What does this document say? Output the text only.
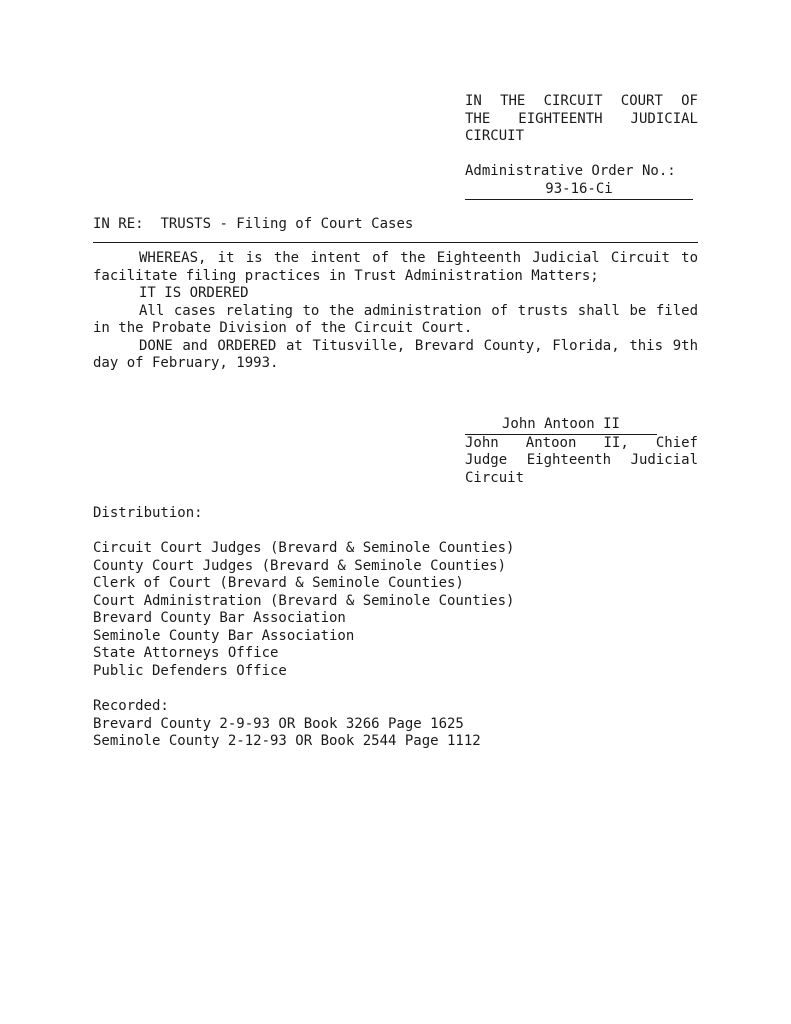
IN THE CIRCUIT COURT OF
THE EIGHTEENTH JUDICIAL
CIRCUIT
Administrative Order No.:
93-16-Ci
IN RE: TRUSTS - Filing of Court Cases
WHEREAS, it is the intent of the Eighteenth Judicial Circuit to facilitate filing practices in Trust Administration Matters;
IT IS ORDERED
All cases relating to the administration of trusts shall be filed in the Probate Division of the Circuit Court.
DONE and ORDERED at Titusville, Brevard County, Florida, this 9th day of February, 1993.
John Antoon II
John Antoon II, Chief
Judge Eighteenth Judicial
Circuit
Distribution:
Circuit Court Judges (Brevard & Seminole Counties)
County Court Judges (Brevard & Seminole Counties)
Clerk of Court (Brevard & Seminole Counties)
Court Administration (Brevard & Seminole Counties)
Brevard County Bar Association
Seminole County Bar Association
State Attorneys Office
Public Defenders Office
Recorded:
Brevard County 2-9-93 OR Book 3266 Page 1625
Seminole County 2-12-93 OR Book 2544 Page 1112
